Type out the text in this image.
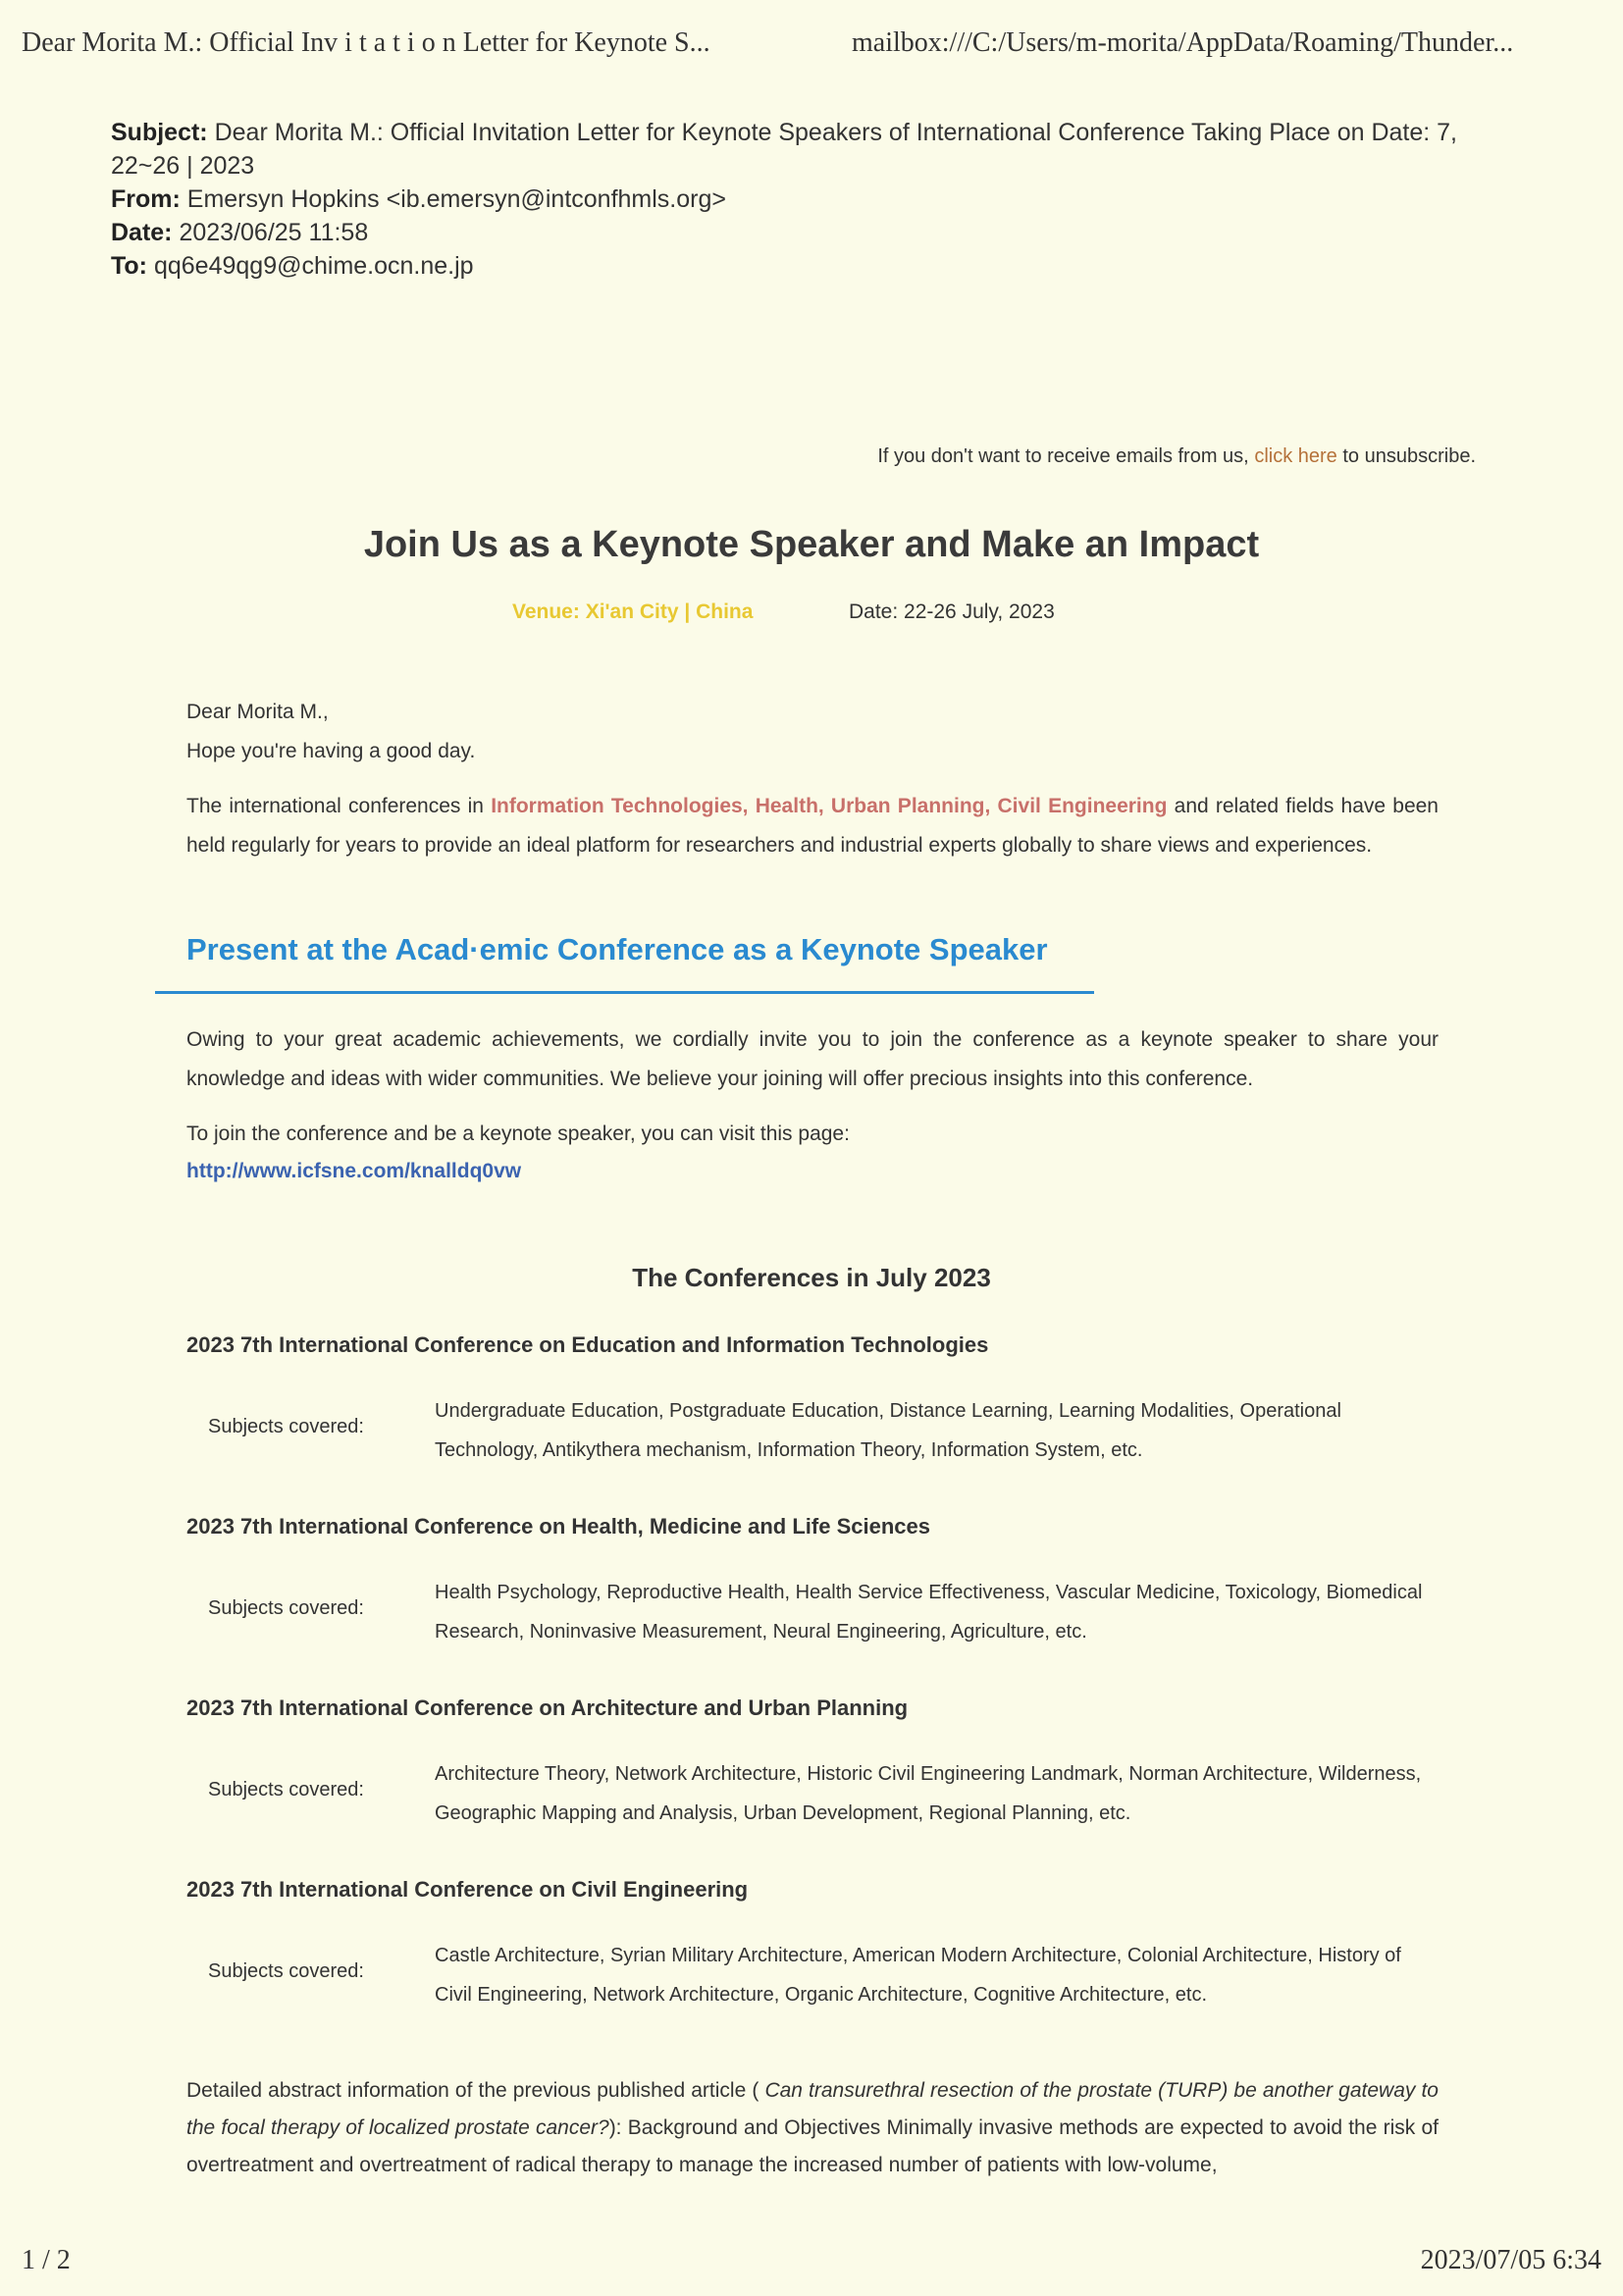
Dear Morita M.: Official Inv i t a t i o n Letter for Keynote S...	mailbox:///C:/Users/m-morita/AppData/Roaming/Thunder...
Subject: Dear Morita M.: Official Invitation Letter for Keynote Speakers of International Conference Taking Place on Date: 7, 22~26 | 2023
From: Emersyn Hopkins <ib.emersyn@intconfhmls.org>
Date: 2023/06/25 11:58
To: qq6e49qg9@chime.ocn.ne.jp
If you don't want to receive emails from us, click here to unsubscribe.
Join Us as a Keynote Speaker and Make an Impact
Venue: Xi'an City | China	Date: 22-26 July, 2023
Dear Morita M.,
Hope you're having a good day.
The international conferences in Information Technologies, Health, Urban Planning, Civil Engineering and related fields have been held regularly for years to provide an ideal platform for researchers and industrial experts globally to share views and experiences.
Present at the Acad·emic Conference as a Keynote Speaker
Owing to your great academic achievements, we cordially invite you to join the conference as a keynote speaker to share your knowledge and ideas with wider communities. We believe your joining will offer precious insights into this conference.
To join the conference and be a keynote speaker, you can visit this page:
http://www.icfsne.com/knalldq0vw
The Conferences in July 2023
2023 7th International Conference on Education and Information Technologies
Subjects covered:
Undergraduate Education, Postgraduate Education, Distance Learning, Learning Modalities, Operational Technology, Antikythera mechanism, Information Theory, Information System, etc.
2023 7th International Conference on Health, Medicine and Life Sciences
Subjects covered:
Health Psychology, Reproductive Health, Health Service Effectiveness, Vascular Medicine, Toxicology, Biomedical Research, Noninvasive Measurement, Neural Engineering, Agriculture, etc.
2023 7th International Conference on Architecture and Urban Planning
Subjects covered:
Architecture Theory, Network Architecture, Historic Civil Engineering Landmark, Norman Architecture, Wilderness, Geographic Mapping and Analysis, Urban Development, Regional Planning, etc.
2023 7th International Conference on Civil Engineering
Subjects covered:
Castle Architecture, Syrian Military Architecture, American Modern Architecture, Colonial Architecture, History of Civil Engineering, Network Architecture, Organic Architecture, Cognitive Architecture, etc.
Detailed abstract information of the previous published article ( Can transurethral resection of the prostate (TURP) be another gateway to the focal therapy of localized prostate cancer?): Background and Objectives Minimally invasive methods are expected to avoid the risk of overtreatment and overtreatment of radical therapy to manage the increased number of patients with low-volume,
1 / 2	2023/07/05 6:34
